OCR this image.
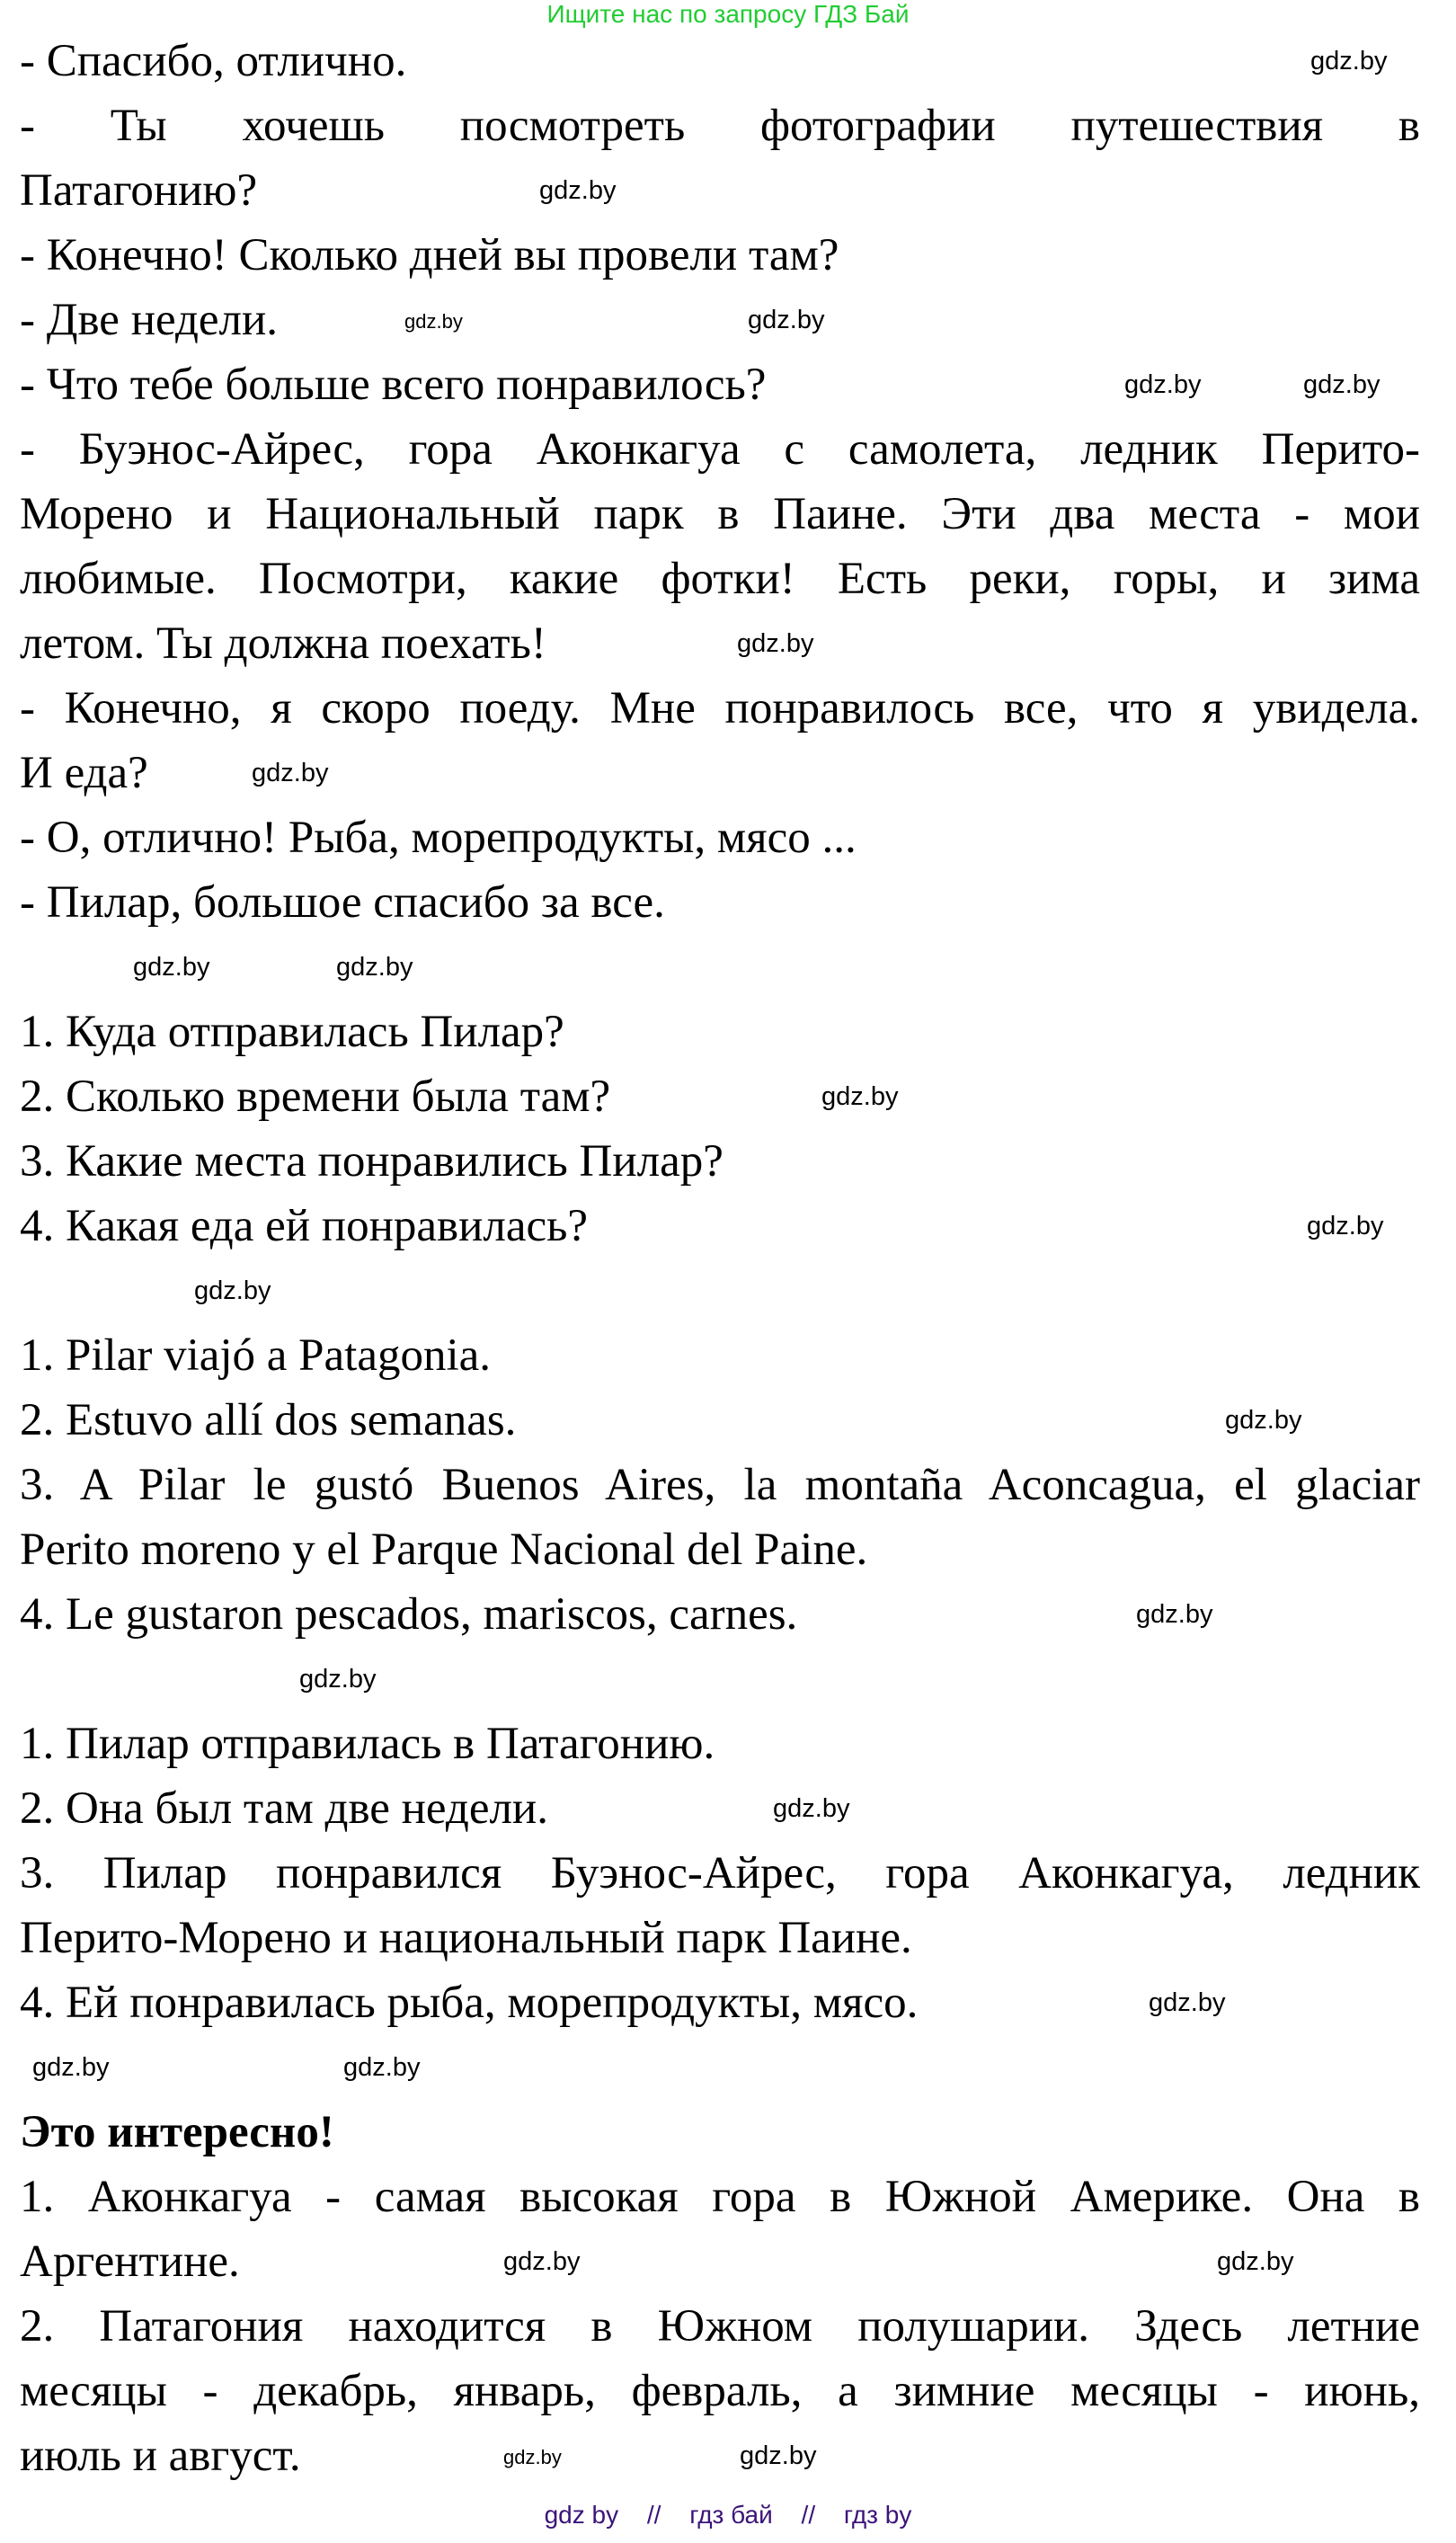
Ищите нас по запросу ГДЗ Бай
- Спасибо, отлично.
- Ты хочешь посмотреть фотографии путешествия в
Патагонию?
- Конечно! Сколько дней вы провели там?
- Две недели.
- Что тебе больше всего понравилось?
- Буэнос-Айрес, гора Аконкагуа с самолета, ледник Перито-
Морено и Национальный парк в Паине. Эти два места - мои
любимые. Посмотри, какие фотки! Есть реки, горы, и зима
летом. Ты должна поехать!
- Конечно, я скоро поеду. Мне понравилось все, что я увидела.
И еда?
- О, отлично! Рыба, морепродукты, мясо ...
- Пилар, большое спасибо за все.
1. Куда отправилась Пилар?
2. Сколько времени была там?
3. Какие места понравились Пилар?
4. Какая еда ей понравилась?
1. Pilar viajó a Patagonia.
2. Estuvo allí dos semanas.
3. A Pilar le gustó Buenos Aires, la montaña Aconcagua, el glaciar
Perito moreno y el Parque Nacional del Paine.
4. Le gustaron pescados, mariscos, carnes.
1. Пилар отправилась в Патагонию.
2. Она был там две недели.
3. Пилар понравился Буэнос-Айрес, гора Аконкагуа, ледник
Перито-Морено и национальный парк Паине.
4. Ей понравилась рыба, морепродукты, мясо.
Это интересно!
1. Аконкагуа - самая высокая гора в Южной Америке. Она в
Аргентине.
2. Патагония находится в Южном полушарии. Здесь летние
месяцы - декабрь, январь, февраль, а зимние месяцы - июнь,
июль и август.
gdz.by
gdz.by
gdz.by	gdz.by
gdz.by	gdz.by
gdz.by
gdz.by
gdz.by
gdz.by
gdz.by
gdz.by
gdz.by
gdz.by
gdz.by
gdz.by
gdz.by
gdz.by
gdz.by
gdz.by
gdz.by
gdz.by
gdz.by	gdz.by
gdz by // гдз бай // гдз by
